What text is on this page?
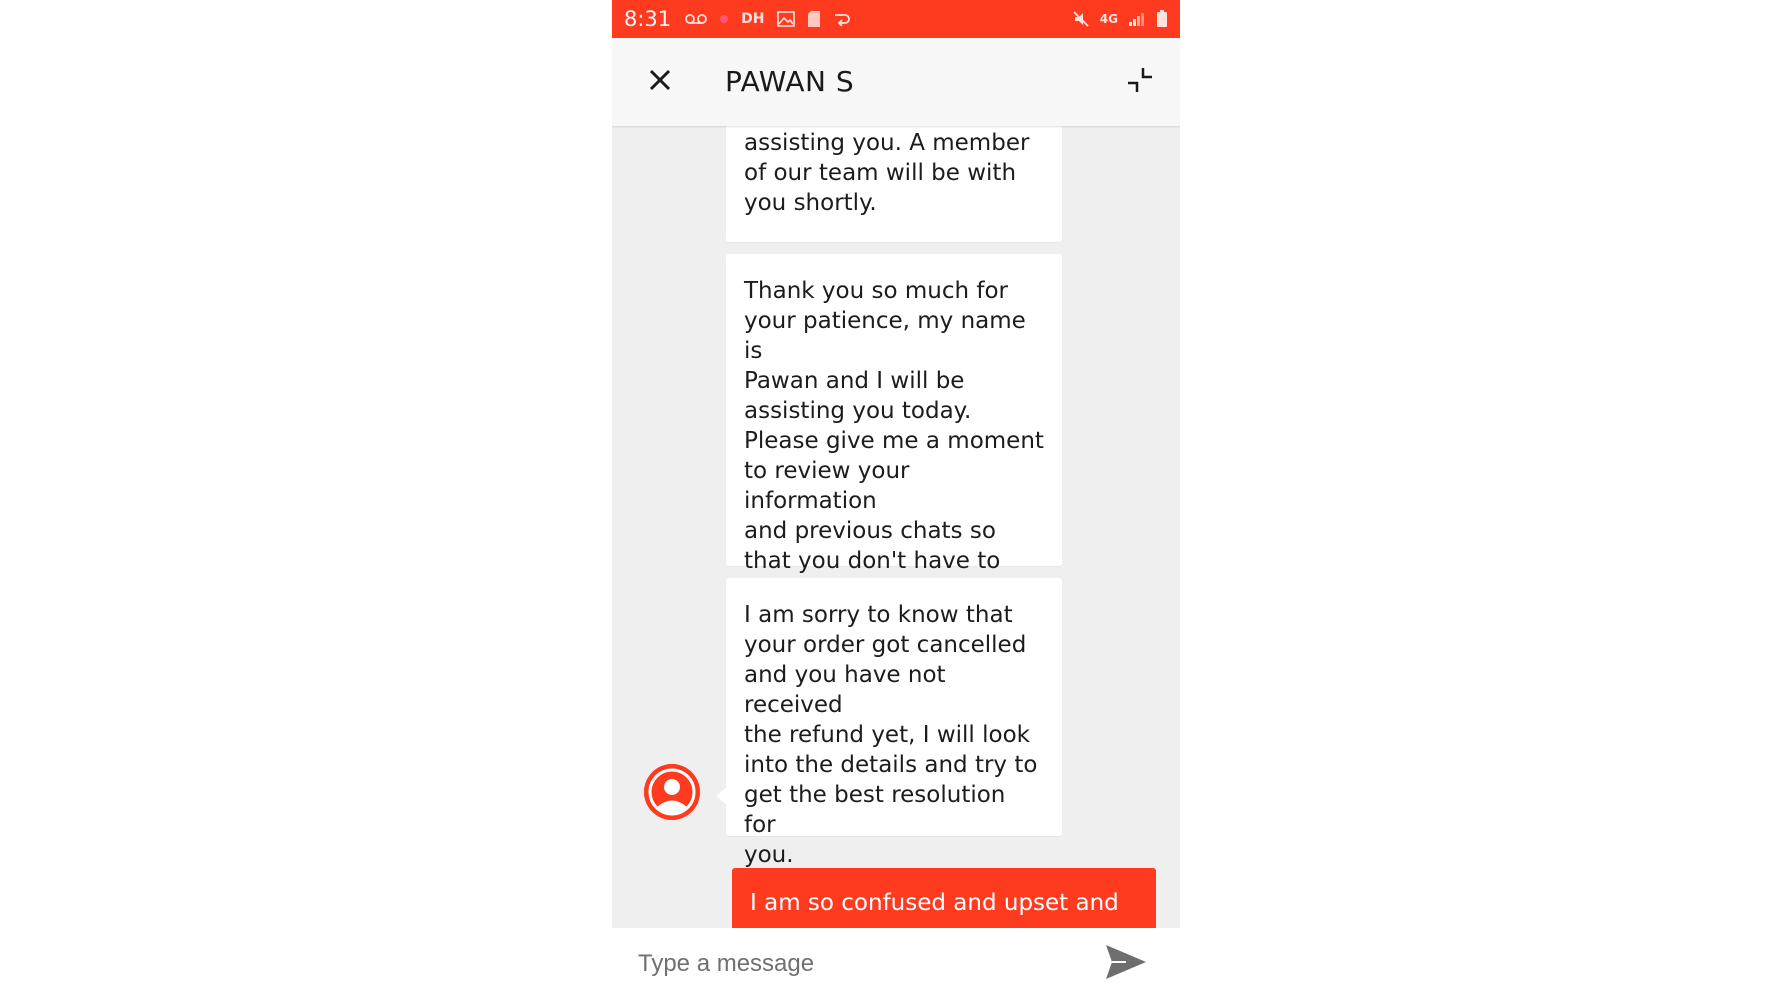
8:31	DH	4G
PAWAN S
assisting you. A member
of our team will be with
you shortly.
Thank you so much for
your patience, my name is
Pawan and I will be
assisting you today.
Please give me a moment
to review your information
and previous chats so
that you don't have to

I am sorry to know that
your order got cancelled
and you have not received
the refund yet, I will look
into the details and try to
get the best resolution for
you.
I am so confused and upset and
Type a message
